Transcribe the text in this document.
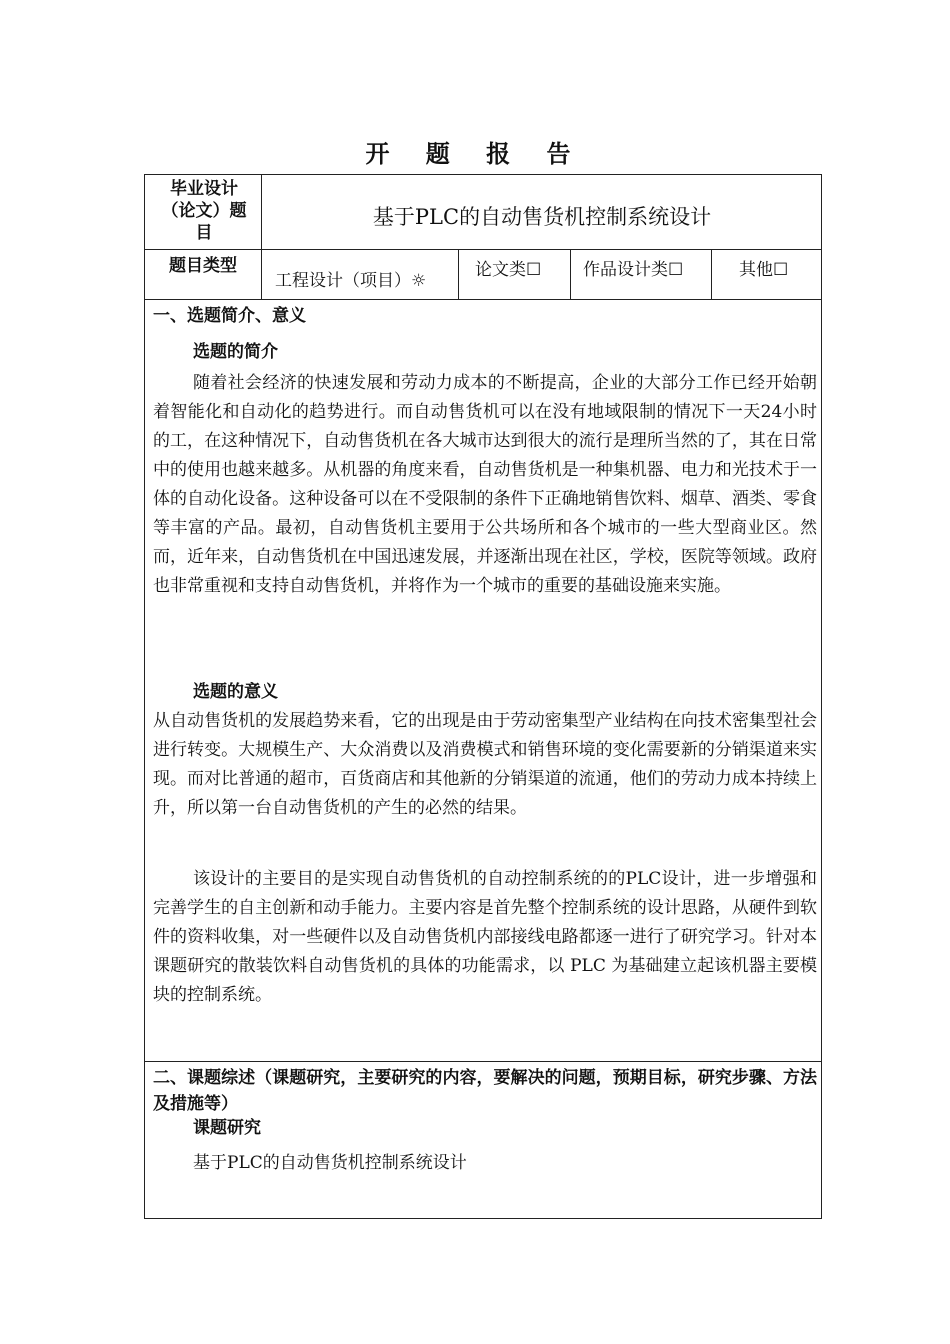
开 题 报 告
毕业设计（论文）题目
基于PLC的自动售货机控制系统设计
题目类型
工程设计（项目）☼
论文类☐	作品设计类☐	其他☐
一、选题简介、意义
选题的简介
随着社会经济的快速发展和劳动力成本的不断提高，企业的大部分工作已经开始朝着智能化和自动化的趋势进行。而自动售货机可以在没有地域限制的情况下一天24小时的工，在这种情况下，自动售货机在各大城市达到很大的流行是理所当然的了，其在日常中的使用也越来越多。从机器的角度来看，自动售货机是一种集机器、电力和光技术于一体的自动化设备。这种设备可以在不受限制的条件下正确地销售饮料、烟草、酒类、零食等丰富的产品。最初，自动售货机主要用于公共场所和各个城市的一些大型商业区。然而，近年来，自动售货机在中国迅速发展，并逐渐出现在社区，学校，医院等领域。政府也非常重视和支持自动售货机，并将作为一个城市的重要的基础设施来实施。
选题的意义
从自动售货机的发展趋势来看，它的出现是由于劳动密集型产业结构在向技术密集型社会进行转变。大规模生产、大众消费以及消费模式和销售环境的变化需要新的分销渠道来实现。而对比普通的超市，百货商店和其他新的分销渠道的流通，他们的劳动力成本持续上升，所以第一台自动售货机的产生的必然的结果。
该设计的主要目的是实现自动售货机的自动控制系统的的PLC设计，进一步增强和完善学生的自主创新和动手能力。主要内容是首先整个控制系统的设计思路，从硬件到软件的资料收集，对一些硬件以及自动售货机内部接线电路都逐一进行了研究学习。针对本课题研究的散装饮料自动售货机的具体的功能需求，以 PLC 为基础建立起该机器主要模块的控制系统。
二、课题综述（课题研究，主要研究的内容，要解决的问题，预期目标，研究步骤、方法及措施等）
课题研究
基于PLC的自动售货机控制系统设计
